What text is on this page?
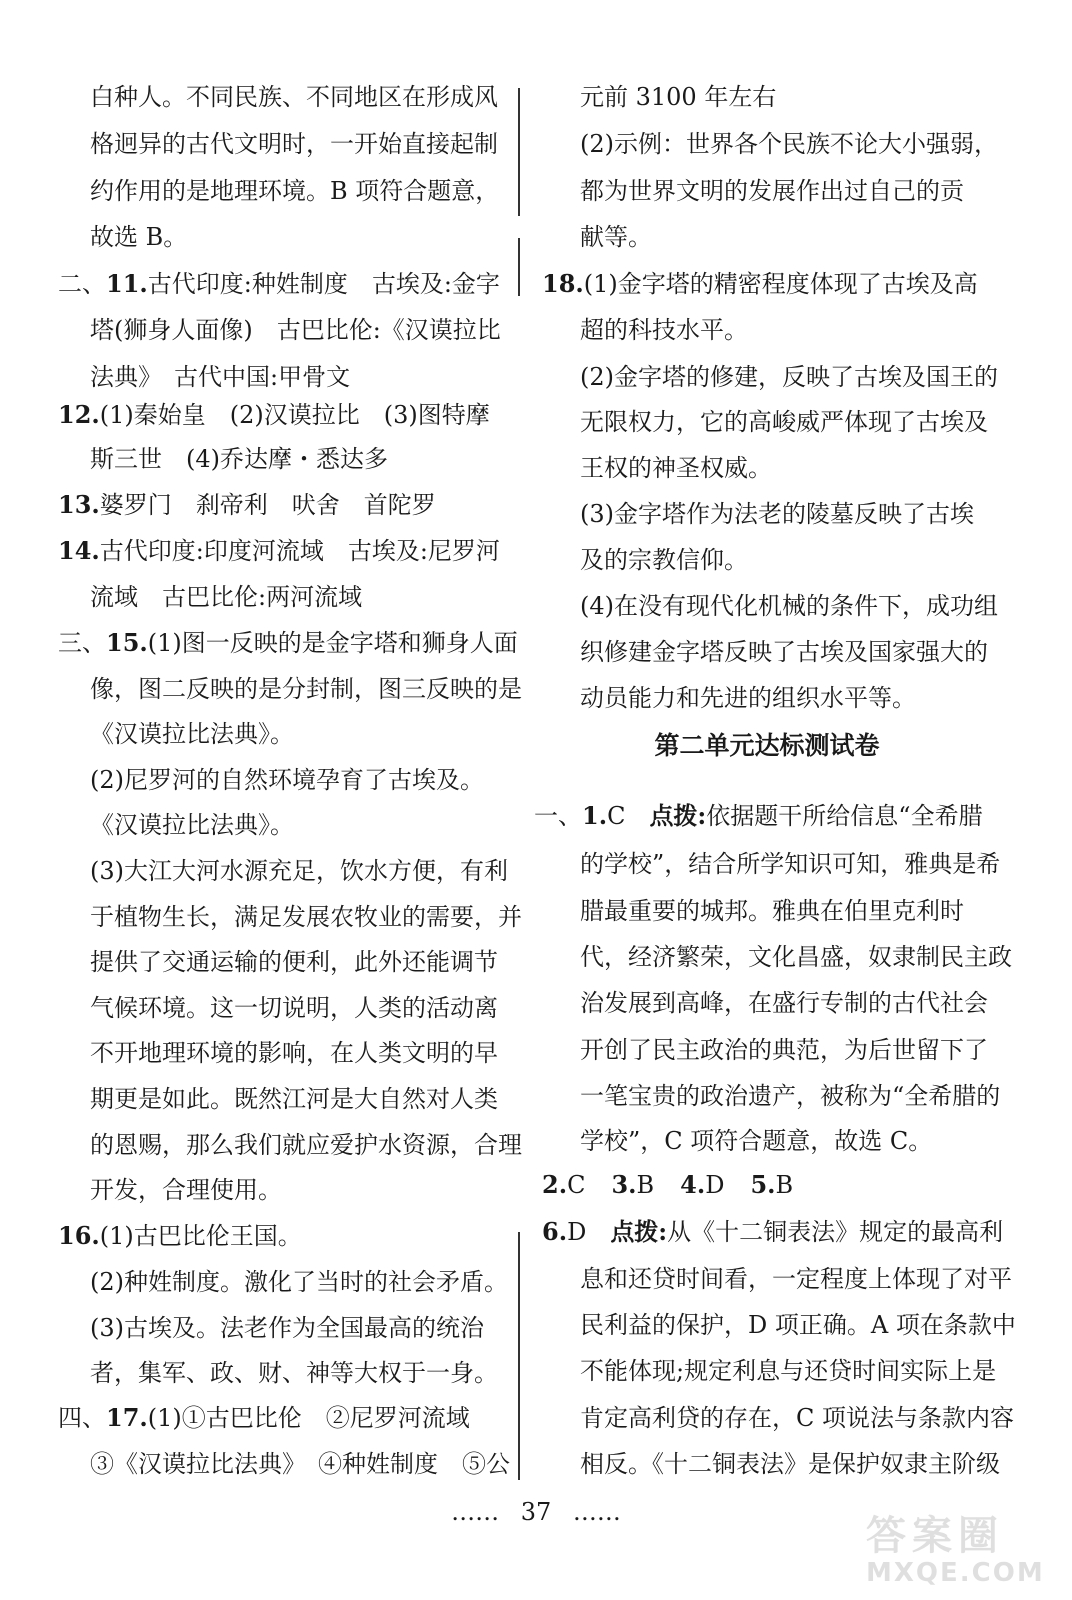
白种人。不同民族、不同地区在形成风
格迥异的古代文明时，一开始直接起制
约作用的是地理环境。B 项符合题意，
故选 B。
二、11.古代印度:种姓制度　古埃及:金字
塔(狮身人面像)　古巴比伦:《汉谟拉比
法典》　古代中国:甲骨文
12.(1)秦始皇　(2)汉谟拉比　(3)图特摩
斯三世　(4)乔达摩・悉达多
13.婆罗门　刹帝利　吠舍　首陀罗
14.古代印度:印度河流域　古埃及:尼罗河
流域　古巴比伦:两河流域
三、15.(1)图一反映的是金字塔和狮身人面
像，图二反映的是分封制，图三反映的是
《汉谟拉比法典》。
(2)尼罗河的自然环境孕育了古埃及。
《汉谟拉比法典》。
(3)大江大河水源充足，饮水方便，有利
于植物生长，满足发展农牧业的需要，并
提供了交通运输的便利，此外还能调节
气候环境。这一切说明，人类的活动离
不开地理环境的影响，在人类文明的早
期更是如此。既然江河是大自然对人类
的恩赐，那么我们就应爱护水资源，合理
开发，合理使用。
16.(1)古巴比伦王国。
(2)种姓制度。激化了当时的社会矛盾。
(3)古埃及。法老作为全国最高的统治
者，集军、政、财、神等大权于一身。
四、17.(1)①古巴比伦　②尼罗河流域
③《汉谟拉比法典》　④种姓制度　⑤公
第二单元达标测试卷
元前 3100 年左右
(2)示例：世界各个民族不论大小强弱，
都为世界文明的发展作出过自己的贡
献等。
18.(1)金字塔的精密程度体现了古埃及高
超的科技水平。
(2)金字塔的修建，反映了古埃及国王的
无限权力，它的高峻威严体现了古埃及
王权的神圣权威。
(3)金字塔作为法老的陵墓反映了古埃
及的宗教信仰。
(4)在没有现代化机械的条件下，成功组
织修建金字塔反映了古埃及国家强大的
动员能力和先进的组织水平等。
一、1.C 点拨:依据题干所给信息“全希腊
的学校”，结合所学知识可知，雅典是希
腊最重要的城邦。雅典在伯里克利时
代，经济繁荣，文化昌盛，奴隶制民主政
治发展到高峰，在盛行专制的古代社会
开创了民主政治的典范，为后世留下了
一笔宝贵的政治遗产，被称为“全希腊的
学校”，C 项符合题意，故选 C。
2.C 3.B 4.D 5.B
6.D 点拨:从《十二铜表法》规定的最高利
息和还贷时间看，一定程度上体现了对平
民利益的保护，D 项正确。A 项在条款中
不能体现;规定利息与还贷时间实际上是
肯定高利贷的存在，C 项说法与条款内容
相反。《十二铜表法》是保护奴隶主阶级
…… 37 ……
答案圈
MXQE.COM
